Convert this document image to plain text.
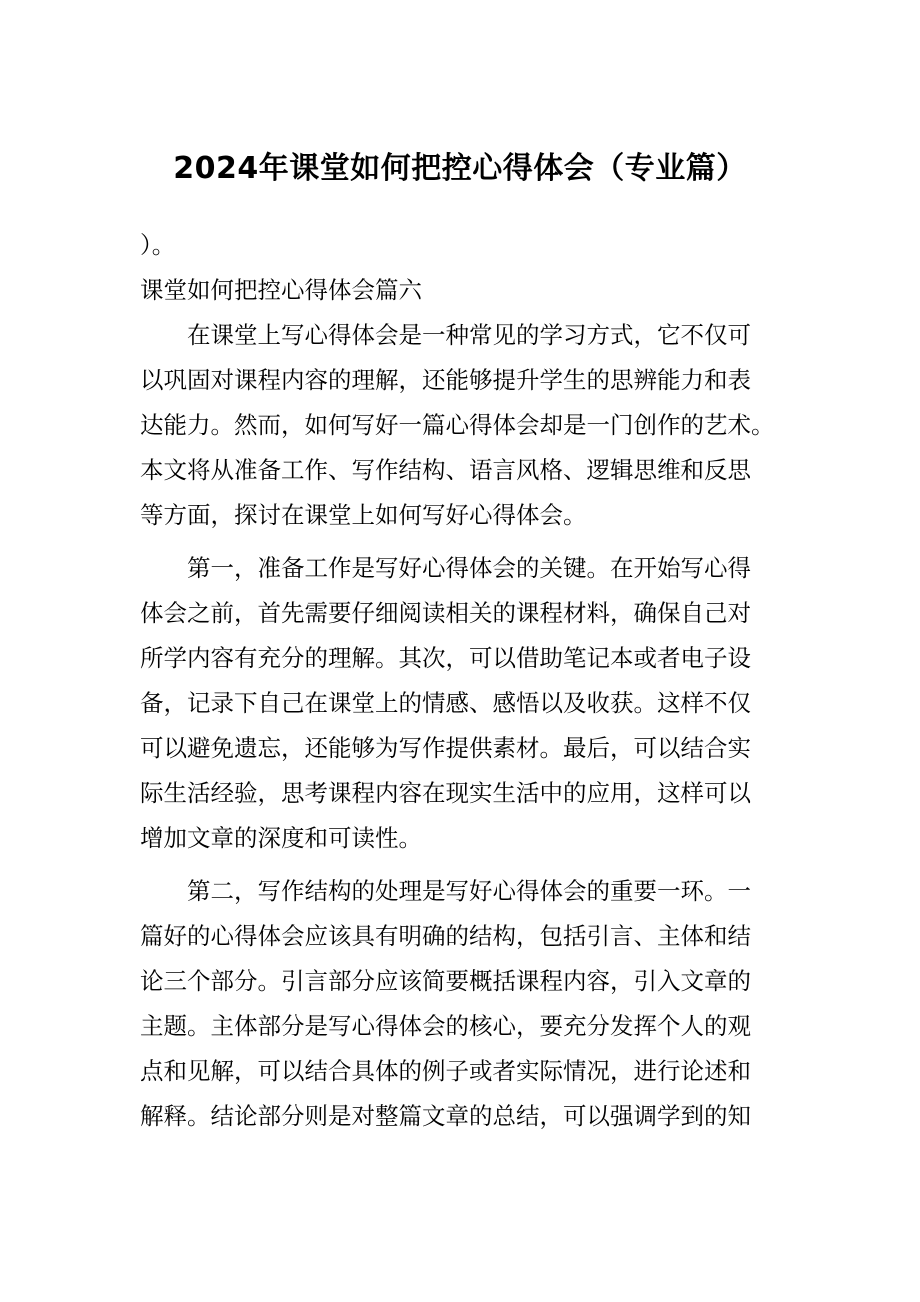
2024年课堂如何把控心得体会（专业篇）
）。
课堂如何把控心得体会篇六
在课堂上写心得体会是一种常见的学习方式，它不仅可
以巩固对课程内容的理解，还能够提升学生的思辨能力和表
达能力。然而，如何写好一篇心得体会却是一门创作的艺术。
本文将从准备工作、写作结构、语言风格、逻辑思维和反思
等方面，探讨在课堂上如何写好心得体会。
第一，准备工作是写好心得体会的关键。在开始写心得
体会之前，首先需要仔细阅读相关的课程材料，确保自己对
所学内容有充分的理解。其次，可以借助笔记本或者电子设
备，记录下自己在课堂上的情感、感悟以及收获。这样不仅
可以避免遗忘，还能够为写作提供素材。最后，可以结合实
际生活经验，思考课程内容在现实生活中的应用，这样可以
增加文章的深度和可读性。
第二，写作结构的处理是写好心得体会的重要一环。一
篇好的心得体会应该具有明确的结构，包括引言、主体和结
论三个部分。引言部分应该简要概括课程内容，引入文章的
主题。主体部分是写心得体会的核心，要充分发挥个人的观
点和见解，可以结合具体的例子或者实际情况，进行论述和
解释。结论部分则是对整篇文章的总结，可以强调学到的知
